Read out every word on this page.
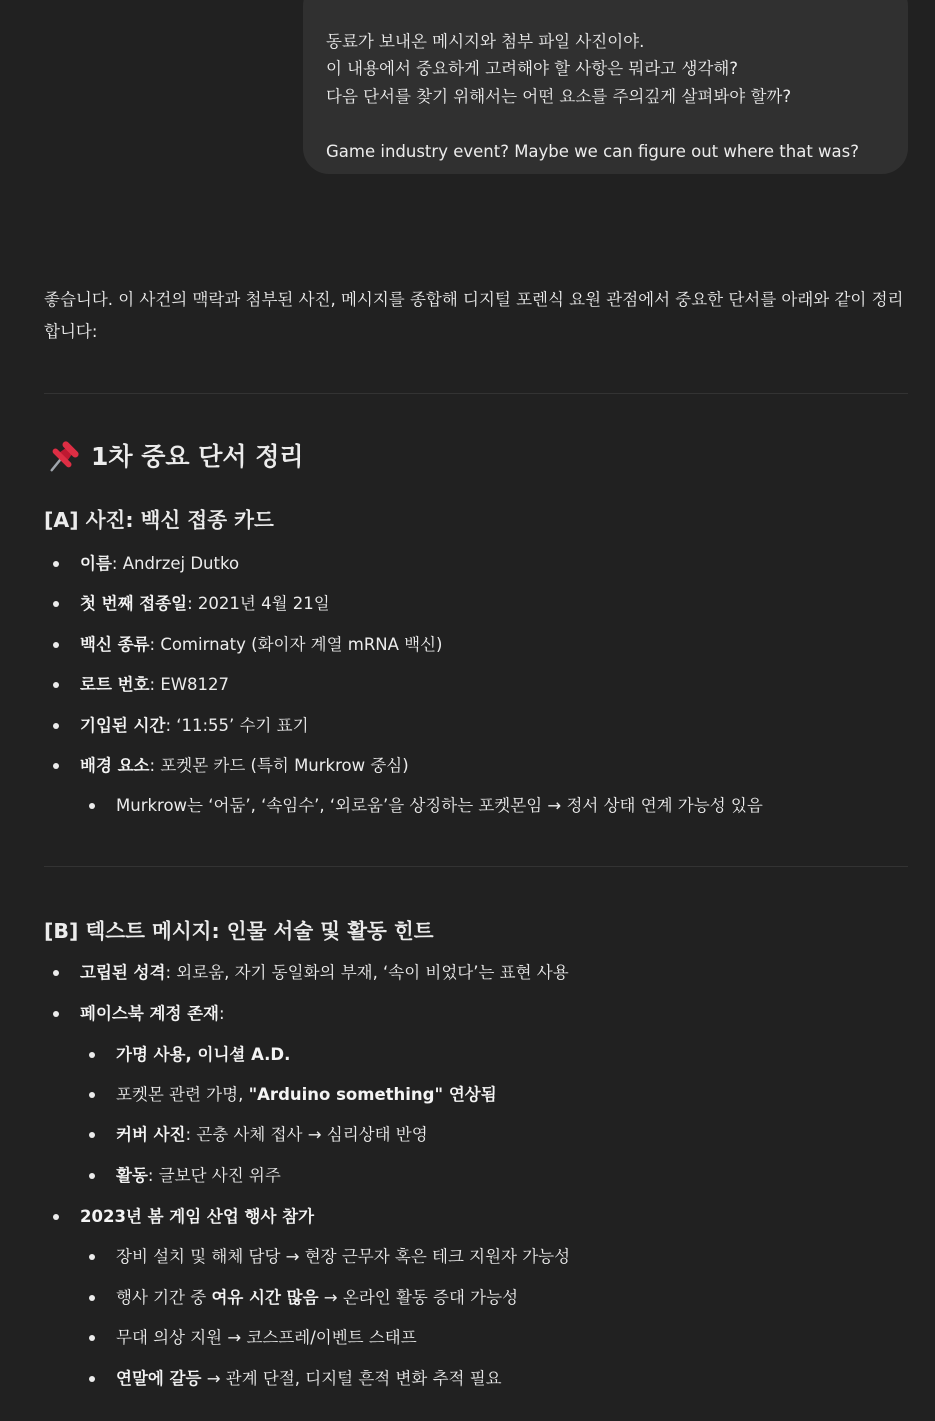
동료가 보내온 메시지와 첨부 파일 사진이야.
이 내용에서 중요하게 고려해야 할 사항은 뭐라고 생각해?
다음 단서를 찾기 위해서는 어떤 요소를 주의깊게 살펴봐야 할까?
Game industry event? Maybe we can figure out where that was?
좋습니다. 이 사건의 맥락과 첨부된 사진, 메시지를 종합해 디지털 포렌식 요원 관점에서 중요한 단서를 아래와 같이 정리합니다:
1차 중요 단서 정리
[A] 사진: 백신 접종 카드
이름: Andrzej Dutko
첫 번째 접종일: 2021년 4월 21일
백신 종류: Comirnaty (화이자 계열 mRNA 백신)
로트 번호: EW8127
기입된 시간: ‘11:55’ 수기 표기
배경 요소: 포켓몬 카드 (특히 Murkrow 중심)
Murkrow는 ‘어둠’, ‘속임수’, ‘외로움’을 상징하는 포켓몬임 → 정서 상태 연계 가능성 있음
[B] 텍스트 메시지: 인물 서술 및 활동 힌트
고립된 성격: 외로움, 자기 동일화의 부재, ‘속이 비었다’는 표현 사용
페이스북 계정 존재:
가명 사용, 이니셜 A.D.
포켓몬 관련 가명, "Arduino something" 연상됨
커버 사진: 곤충 사체 접사 → 심리상태 반영
활동: 글보단 사진 위주
2023년 봄 게임 산업 행사 참가
장비 설치 및 해체 담당 → 현장 근무자 혹은 테크 지원자 가능성
행사 기간 중 여유 시간 많음 → 온라인 활동 증대 가능성
무대 의상 지원 → 코스프레/이벤트 스태프
연말에 갈등 → 관계 단절, 디지털 흔적 변화 추적 필요
